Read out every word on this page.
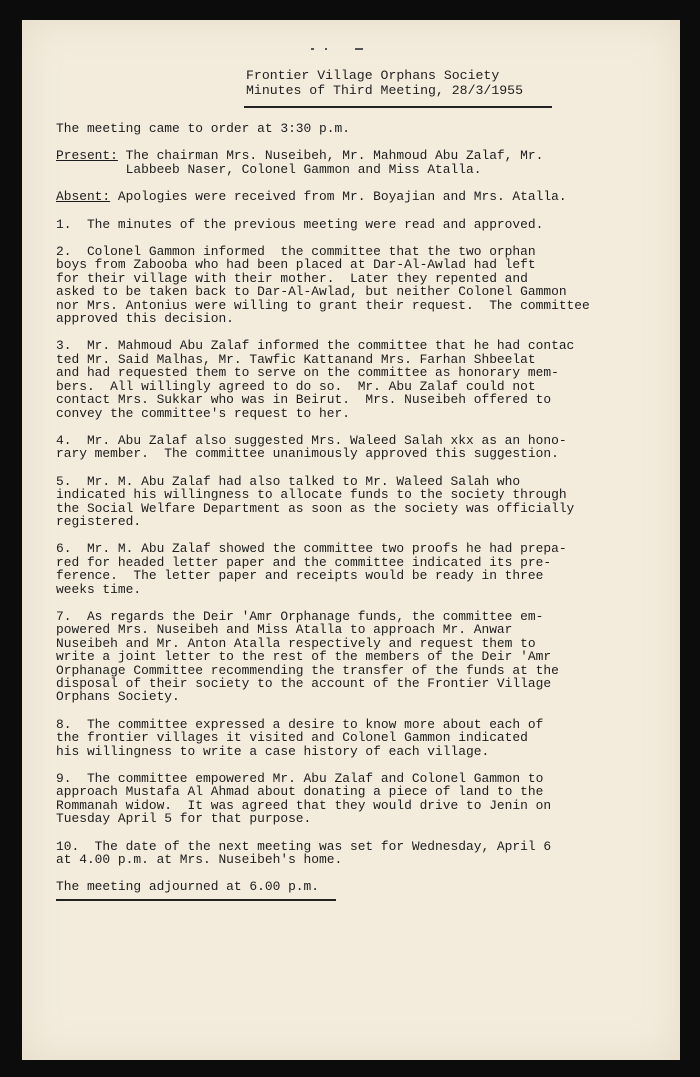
Frontier Village Orphans Society
Minutes of Third Meeting, 28/3/1955
The meeting came to order at 3:30 p.m.
Present: The chairman Mrs. Nuseibeh, Mr. Mahmoud Abu Zalaf, Mr.
Labbeeb Naser, Colonel Gammon and Miss Atalla.
Absent: Apologies were received from Mr. Boyajian and Mrs. Atalla.
1.  The minutes of the previous meeting were read and approved.
2.  Colonel Gammon informed  the committee that the two orphan
boys from Zabooba who had been placed at Dar-Al-Awlad had left
for their village with their mother.  Later they repented and
asked to be taken back to Dar-Al-Awlad, but neither Colonel Gammon
nor Mrs. Antonius were willing to grant their request.  The committee
approved this decision.
3.  Mr. Mahmoud Abu Zalaf informed the committee that he had contac
ted Mr. Said Malhas, Mr. Tawfic Kattanand Mrs. Farhan Shbeelat
and had requested them to serve on the committee as honorary mem-
bers.  All willingly agreed to do so.  Mr. Abu Zalaf could not
contact Mrs. Sukkar who was in Beirut.  Mrs. Nuseibeh offered to
convey the committee's request to her.
4.  Mr. Abu Zalaf also suggested Mrs. Waleed Salah xkx as an hono-
rary member.  The committee unanimously approved this suggestion.
5.  Mr. M. Abu Zalaf had also talked to Mr. Waleed Salah who
indicated his willingness to allocate funds to the society through
the Social Welfare Department as soon as the society was officially
registered.
6.  Mr. M. Abu Zalaf showed the committee two proofs he had prepa-
red for headed letter paper and the committee indicated its pre-
ference.  The letter paper and receipts would be ready in three
weeks time.
7.  As regards the Deir 'Amr Orphanage funds, the committee em-
powered Mrs. Nuseibeh and Miss Atalla to approach Mr. Anwar
Nuseibeh and Mr. Anton Atalla respectively and request them to
write a joint letter to the rest of the members of the Deir 'Amr
Orphanage Committee recommending the transfer of the funds at the
disposal of their society to the account of the Frontier Village
Orphans Society.
8.  The committee expressed a desire to know more about each of
the frontier villages it visited and Colonel Gammon indicated
his willingness to write a case history of each village.
9.  The committee empowered Mr. Abu Zalaf and Colonel Gammon to
approach Mustafa Al Ahmad about donating a piece of land to the
Rommanah widow.  It was agreed that they would drive to Jenin on
Tuesday April 5 for that purpose.
10.  The date of the next meeting was set for Wednesday, April 6
at 4.00 p.m. at Mrs. Nuseibeh's home.
The meeting adjourned at 6.00 p.m.
